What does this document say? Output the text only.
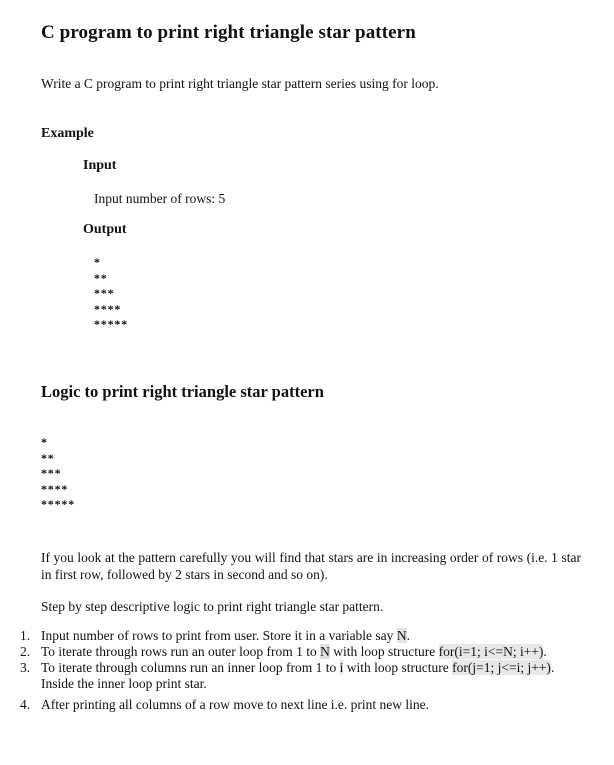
C program to print right triangle star pattern
Write a C program to print right triangle star pattern series using for loop.
Example
Input
Input number of rows: 5
Output
*
**
***
****
*****
Logic to print right triangle star pattern
*
**
***
****
*****
If you look at the pattern carefully you will find that stars are in increasing order of rows (i.e. 1 star in first row, followed by 2 stars in second and so on).
Step by step descriptive logic to print right triangle star pattern.
1. Input number of rows to print from user. Store it in a variable say N.
2. To iterate through rows run an outer loop from 1 to N with loop structure for(i=1; i<=N; i++).
3. To iterate through columns run an inner loop from 1 to i with loop structure for(j=1; j<=i; j++).
Inside the inner loop print star.
4. After printing all columns of a row move to next line i.e. print new line.
